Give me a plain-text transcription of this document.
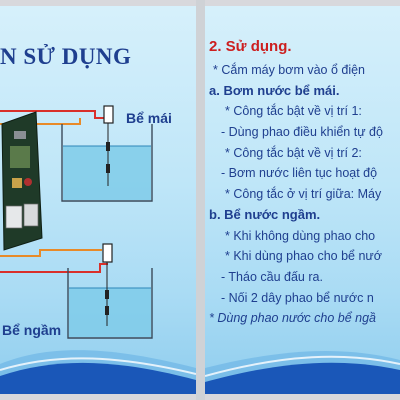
N SỬ DỤNG
Bể mái
Bể ngầm
2. Sử dụng.
* Cắm máy bơm vào ổ điện
a. Bơm nước bể mái.
* Công tắc bật về vị trí 1:
- Dùng phao điều khiển tự độ
* Công tắc bật về vị trí 2:
- Bơm nước liên tục hoạt độ
* Công tắc ở vị trí giữa: Máy
b. Bể nước ngầm.
* Khi không dùng phao cho
* Khi dùng phao cho bể nướ
- Tháo cầu đấu ra.
- Nối 2 dây phao bể nước n
* Dùng phao nước cho bể ngầ
